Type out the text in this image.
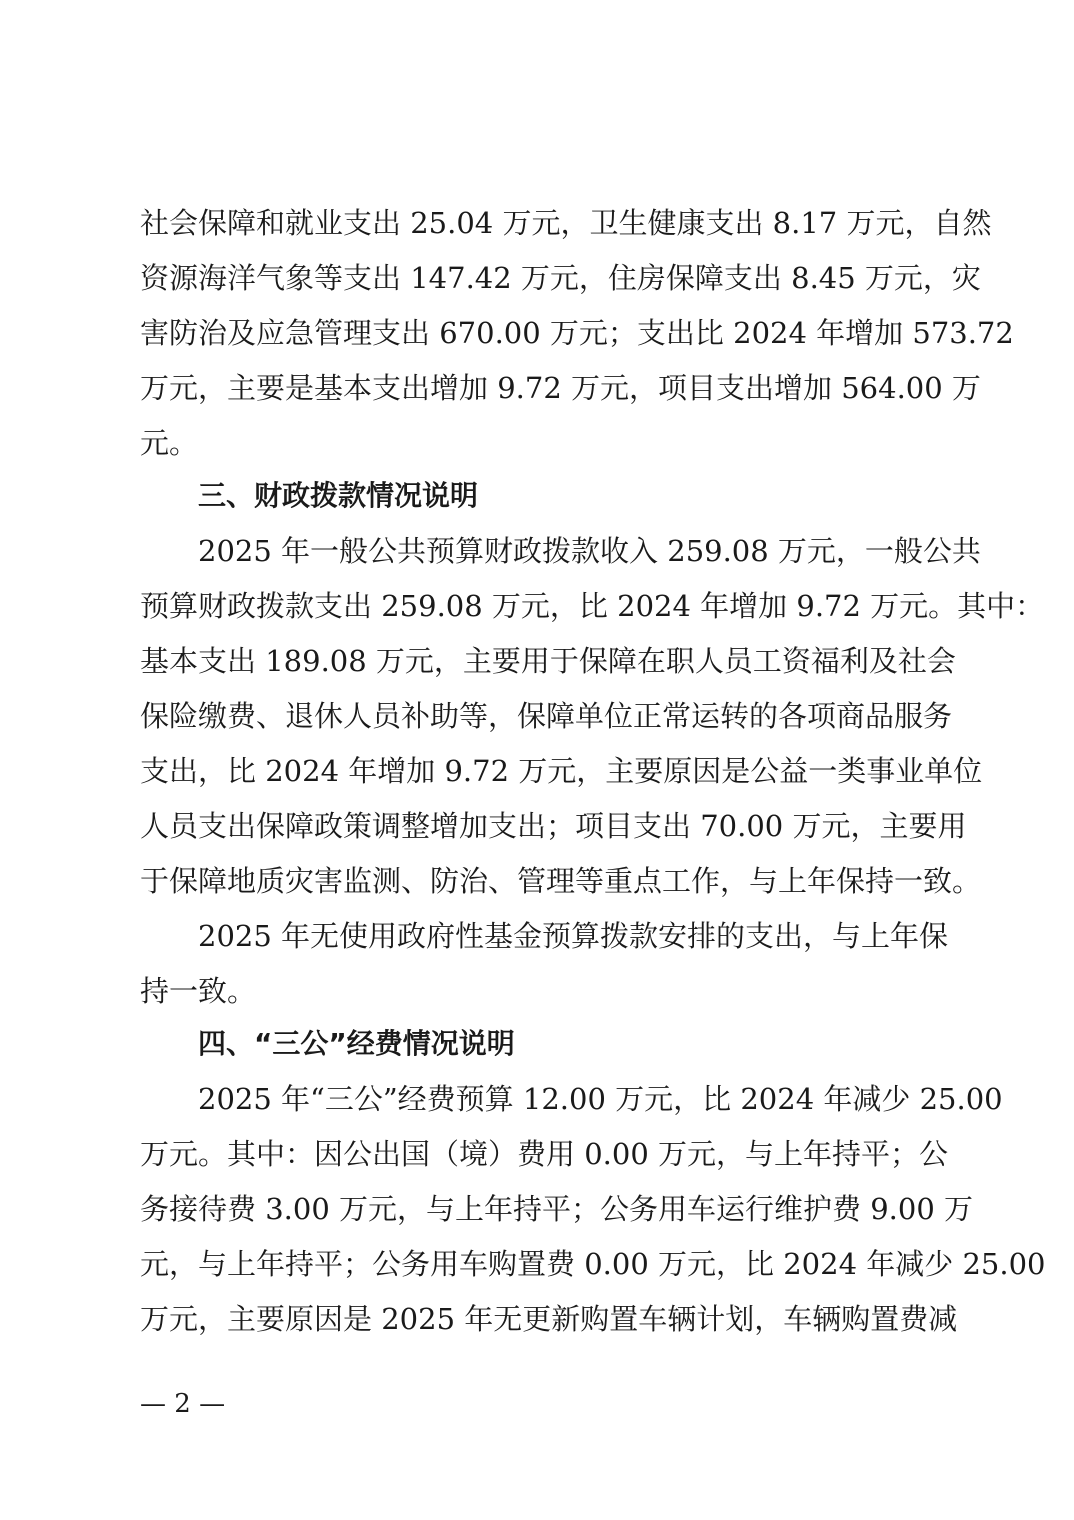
社会保障和就业支出 25.04 万元，卫生健康支出 8.17 万元，自然
资源海洋气象等支出 147.42 万元，住房保障支出 8.45 万元，灾
害防治及应急管理支出 670.00 万元；支出比 2024 年增加 573.72
万元，主要是基本支出增加 9.72 万元，项目支出增加 564.00 万
元。
三、财政拨款情况说明
2025 年一般公共预算财政拨款收入 259.08 万元，一般公共
预算财政拨款支出 259.08 万元，比 2024 年增加 9.72 万元。其中：
基本支出 189.08 万元，主要用于保障在职人员工资福利及社会
保险缴费、退休人员补助等，保障单位正常运转的各项商品服务
支出，比 2024 年增加 9.72 万元，主要原因是公益一类事业单位
人员支出保障政策调整增加支出；项目支出 70.00 万元，主要用
于保障地质灾害监测、防治、管理等重点工作，与上年保持一致。
2025 年无使用政府性基金预算拨款安排的支出，与上年保
持一致。
四、“三公”经费情况说明
2025 年“三公”经费预算 12.00 万元，比 2024 年减少 25.00
万元。其中：因公出国（境）费用 0.00 万元，与上年持平；公
务接待费 3.00 万元，与上年持平；公务用车运行维护费 9.00 万
元，与上年持平；公务用车购置费 0.00 万元，比 2024 年减少 25.00
万元，主要原因是 2025 年无更新购置车辆计划，车辆购置费减
— 2 —
